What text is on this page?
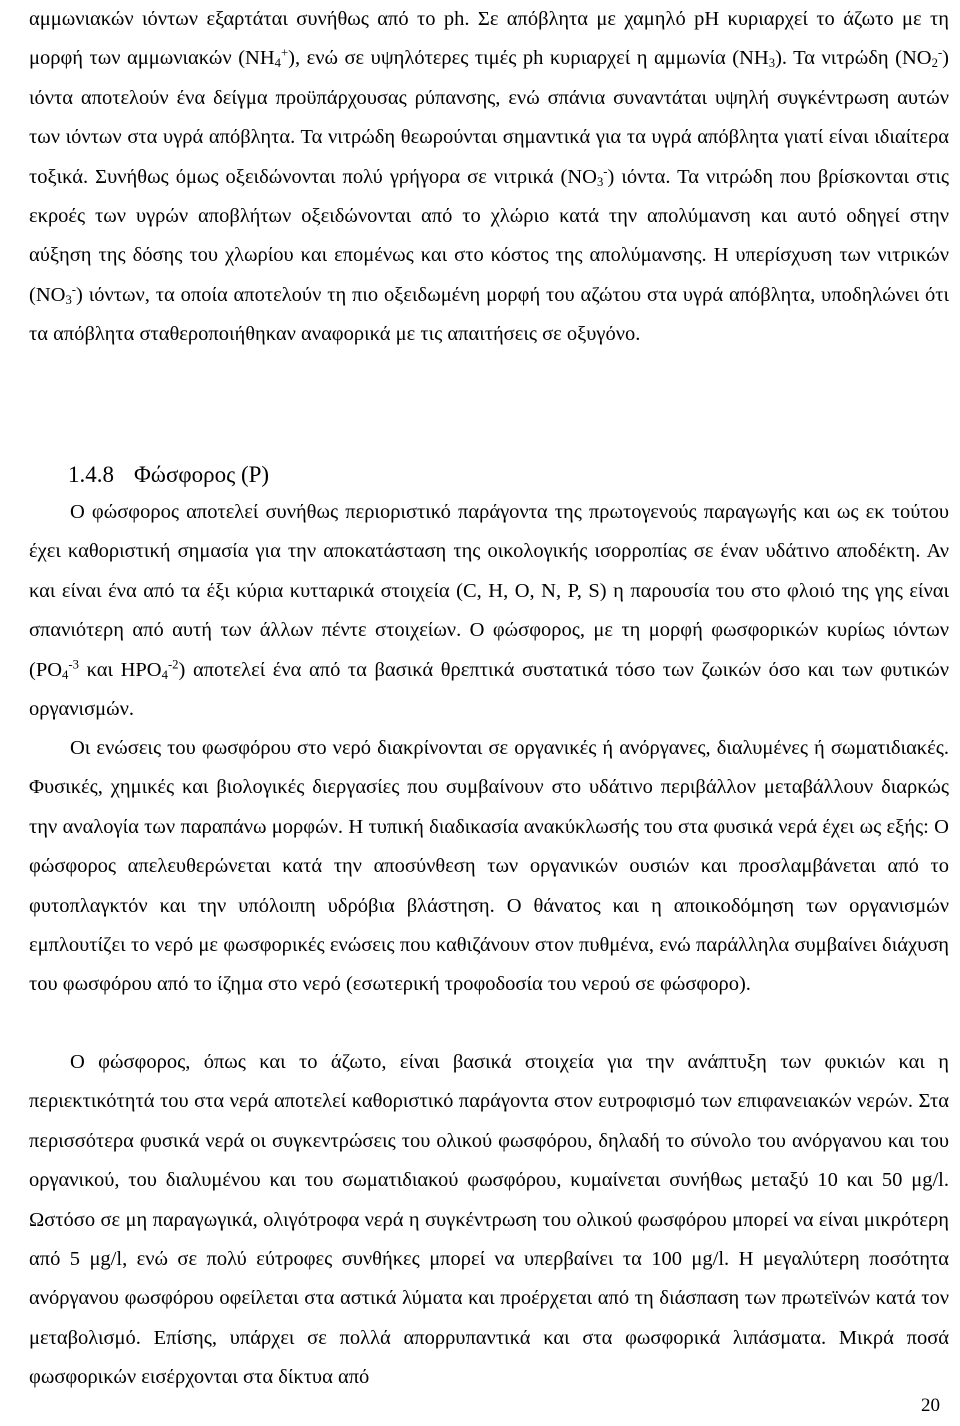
αμμωνιακών ιόντων εξαρτάται συνήθως από το ph. Σε απόβλητα με χαμηλό pH κυριαρχεί το άζωτο με τη μορφή των αμμωνιακών $(NH_4^+)$, ενώ σε υψηλότερες τιμές ph κυριαρχεί η αμμωνία $(NH_3)$. Τα νιτρώδη $(NO_2^-)$ ιόντα αποτελούν ένα δείγμα προϋπάρχουσας ρύπανσης, ενώ σπάνια συναντάται υψηλή συγκέντρωση αυτών των ιόντων στα υγρά απόβλητα. Τα νιτρώδη θεωρούνται σημαντικά για τα υγρά απόβλητα γιατί είναι ιδιαίτερα τοξικά. Συνήθως όμως οξειδώνονται πολύ γρήγορα σε νιτρικά $(NO_3^-)$ ιόντα. Τα νιτρώδη που βρίσκονται στις εκροές των υγρών αποβλήτων οξειδώνονται από το χλώριο κατά την απολύμανση και αυτό οδηγεί στην αύξηση της δόσης του χλωρίου και επομένως και στο κόστος της απολύμανσης. Η υπερίσχυση των νιτρικών $(NO_3^-)$ ιόντων, τα οποία αποτελούν τη πιο οξειδωμένη μορφή του αζώτου στα υγρά απόβλητα, υποδηλώνει ότι τα απόβλητα σταθεροποιήθηκαν αναφορικά με τις απαιτήσεις σε οξυγόνο.

1.4.8 Φώσφορος (P)

Ο φώσφορος αποτελεί συνήθως περιοριστικό παράγοντα της πρωτογενούς παραγωγής και ως εκ τούτου έχει καθοριστική σημασία για την αποκατάσταση της οικολογικής ισορροπίας σε έναν υδάτινο αποδέκτη. Αν και είναι ένα από τα έξι κύρια κυτταρικά στοιχεία (C, H, O, N, P, S) η παρουσία του στο φλοιό της γης είναι σπανιότερη από αυτή των άλλων πέντε στοιχείων. Ο φώσφορος, με τη μορφή φωσφορικών κυρίως ιόντων ($PO_4^{-3}$ και $HPO_4^{-2}$) αποτελεί ένα από τα βασικά θρεπτικά συστατικά τόσο των ζωικών όσο και των φυτικών οργανισμών.

Οι ενώσεις του φωσφόρου στο νερό διακρίνονται σε οργανικές ή ανόργανες, διαλυμένες ή σωματιδιακές. Φυσικές, χημικές και βιολογικές διεργασίες που συμβαίνουν στο υδάτινο περιβάλλον μεταβάλλουν διαρκώς την αναλογία των παραπάνω μορφών. Η τυπική διαδικασία ανακύκλωσής του στα φυσικά νερά έχει ως εξής: Ο φώσφορος απελευθερώνεται κατά την αποσύνθεση των οργανικών ουσιών και προσλαμβάνεται από το φυτοπλαγκτόν και την υπόλοιπη υδρόβια βλάστηση. Ο θάνατος και η αποικοδόμηση των οργανισμών εμπλουτίζει το νερό με φωσφορικές ενώσεις που καθιζάνουν στον πυθμένα, ενώ παράλληλα συμβαίνει διάχυση του φωσφόρου από το ίζημα στο νερό (εσωτερική τροφοδοσία του νερού σε φώσφορο).

Ο φώσφορος, όπως και το άζωτο, είναι βασικά στοιχεία για την ανάπτυξη των φυκιών και η περιεκτικότητά του στα νερά αποτελεί καθοριστικό παράγοντα στον ευτροφισμό των επιφανειακών νερών. Στα περισσότερα φυσικά νερά οι συγκεντρώσεις του ολικού φωσφόρου, δηλαδή το σύνολο του ανόργανου και του οργανικού, του διαλυμένου και του σωματιδιακού φωσφόρου, κυμαίνεται συνήθως μεταξύ 10 και 50 μg/l. Ωστόσο σε μη παραγωγικά, ολιγότροφα νερά η συγκέντρωση του ολικού φωσφόρου μπορεί να είναι μικρότερη από 5 μg/l, ενώ σε πολύ εύτροφες συνθήκες μπορεί να υπερβαίνει τα 100 μg/l. Η μεγαλύτερη ποσότητα ανόργανου φωσφόρου οφείλεται στα αστικά λύματα και προέρχεται από τη διάσπαση των πρωτεϊνών κατά τον μεταβολισμό. Επίσης, υπάρχει σε πολλά απορρυπαντικά και στα φωσφορικά λιπάσματα. Μικρά ποσά φωσφορικών εισέρχονται στα δίκτυα από

20
